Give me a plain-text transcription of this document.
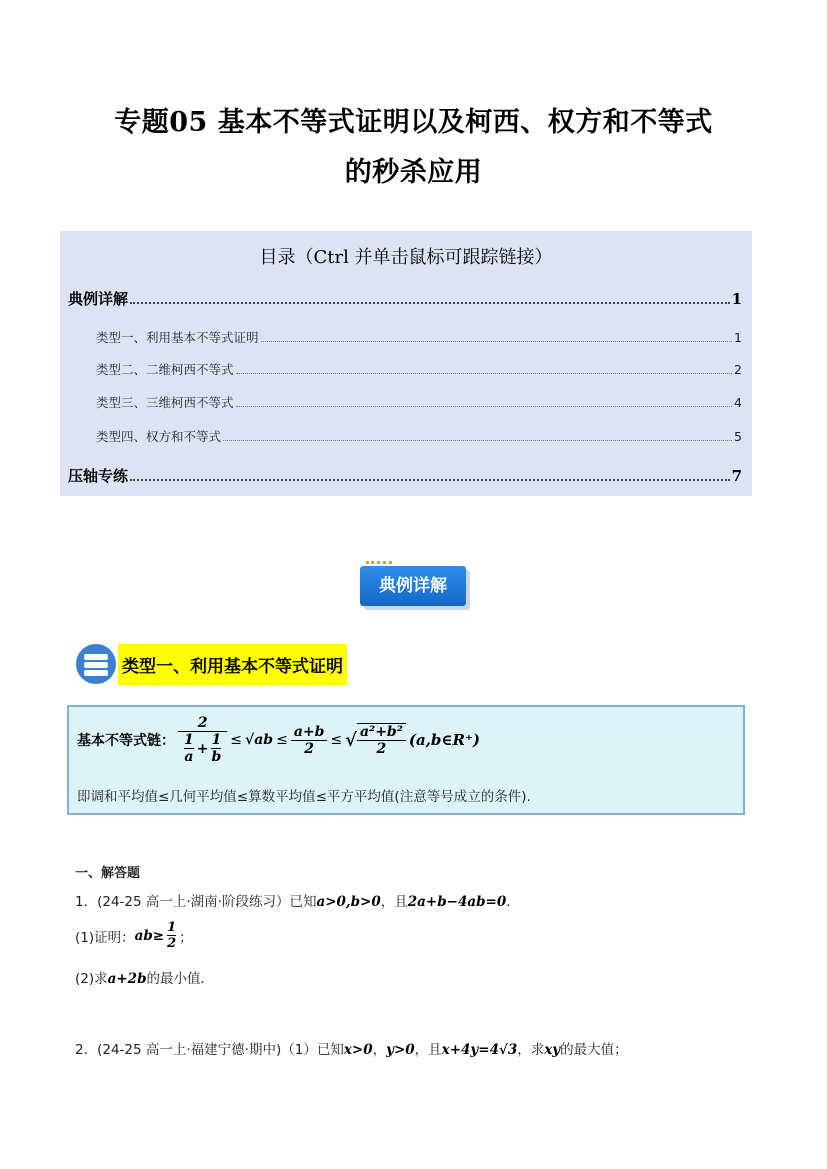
专题05 基本不等式证明以及柯西、权方和不等式
的秒杀应用
目录（Ctrl 并单击鼠标可跟踪链接）
典例详解	1
类型一、利用基本不等式证明	1
类型二、二维柯西不等式	2
类型三、三维柯西不等式	4
类型四、权方和不等式	5
压轴专练	7
典例详解
类型一、利用基本不等式证明
基本不等式链： $\frac{2}{\frac{1}{a} + \frac{1}{b}} \le √ab \le \frac{a+b}{2}$ ≤ √ $\frac{\text{a²+b²}}{2}$ (a,b∈R⁺)
即调和平均值≤几何平均值≤算数平均值≤平方平均值(注意等号成立的条件).
一、解答题
1．(24-25 高一上·湖南·阶段练习）已知a>0,b>0，且2a+b−4ab=0．
(1)证明： $ab\ge \frac{1}{2}$ ；
(2)求a+2b的最小值．
2．(24-25 高一上·福建宁德·期中)（1）已知x>0，y>0，且x+4y=4√3，求xy的最大值；
